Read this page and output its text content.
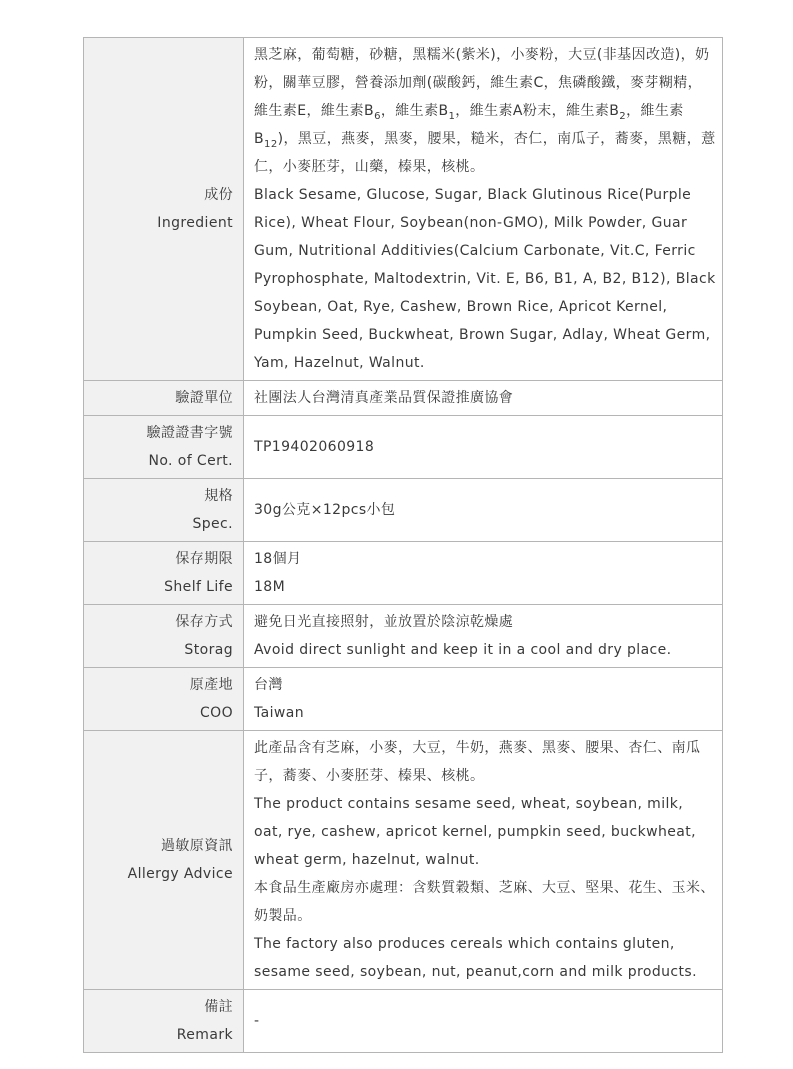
成份
Ingredient	黑芝麻，葡萄糖，砂糖，黑糯米(紫米)，小麥粉，大豆(非基因改造)，奶粉，關華豆膠，營養添加劑(碳酸鈣，維生素C，焦磷酸鐵，麥芽糊精，維生素E，維生素$B_6$，維生素$B_1$，維生素A粉末，維生素$B_2$，維生素$B_{12}$)，黑豆，燕麥，黑麥，腰果，糙米，杏仁，南瓜子，蕎麥，黑糖，薏仁，小麥胚芽，山藥，榛果，核桃。
Black Sesame, Glucose, Sugar, Black Glutinous Rice(Purple Rice), Wheat Flour, Soybean(non-GMO), Milk Powder, Guar Gum, Nutritional Additivies(Calcium Carbonate, Vit.C, Ferric Pyrophosphate, Maltodextrin, Vit. E, B6, B1, A, B2, B12), Black Soybean, Oat, Rye, Cashew, Brown Rice, Apricot Kernel, Pumpkin Seed, Buckwheat, Brown Sugar, Adlay, Wheat Germ, Yam, Hazelnut, Walnut.

驗證單位	社團法人台灣清真產業品質保證推廣協會

驗證證書字號
No. of Cert.	TP19402060918

規格
Spec.	30g公克×12pcs小包

保存期限
Shelf Life	18個月
18M

保存方式
Storag	避免日光直接照射，並放置於陰涼乾燥處
Avoid direct sunlight and keep it in a cool and dry place.

原產地
COO	台灣
Taiwan

過敏原資訊
Allergy Advice	此產品含有芝麻，小麥，大豆，牛奶，燕麥、黑麥、腰果、杏仁、南瓜子，蕎麥、小麥胚芽、榛果、核桃。
The product contains sesame seed, wheat, soybean, milk, oat, rye, cashew, apricot kernel, pumpkin seed, buckwheat, wheat germ, hazelnut, walnut.
本食品生產廠房亦處理：含麩質穀類、芝麻、大豆、堅果、花生、玉米、奶製品。
The factory also produces cereals which contains gluten, sesame seed, soybean, nut, peanut,corn and milk products.

備註
Remark	-
